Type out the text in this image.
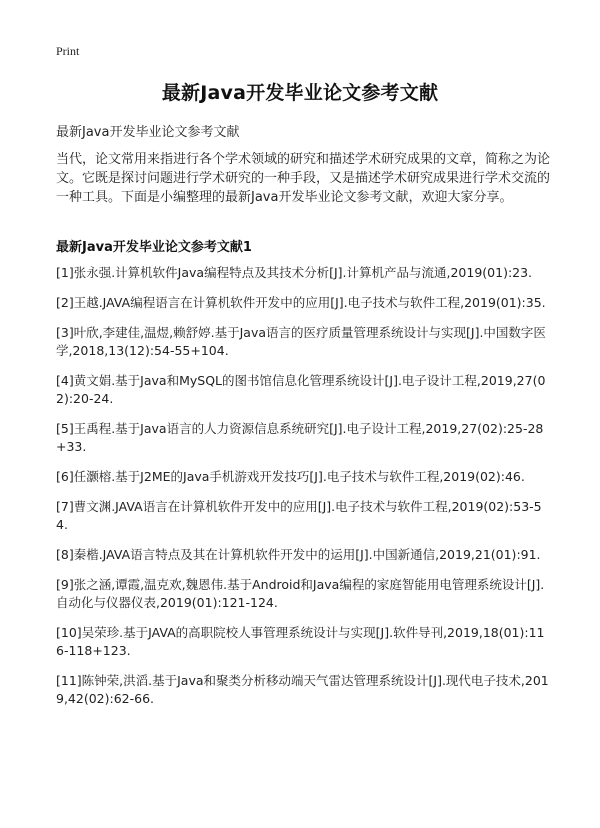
Print
最新Java开发毕业论文参考文献
最新Java开发毕业论文参考文献

当代，论文常用来指进行各个学术领域的研究和描述学术研究成果的文章，简称之为论文。它既是探讨问题进行学术研究的一种手段，又是描述学术研究成果进行学术交流的一种工具。下面是小编整理的最新Java开发毕业论文参考文献，欢迎大家分享。

最新Java开发毕业论文参考文献1
[1]张永强.计算机软件Java编程特点及其技术分析[J].计算机产品与流通,2019(01):23.
[2]王越.JAVA编程语言在计算机软件开发中的应用[J].电子技术与软件工程,2019(01):35.
[3]叶欣,李建佳,温煜,赖舒婷.基于Java语言的医疗质量管理系统设计与实现[J].中国数字医学,2018,13(12):54-55+104.
[4]黄文娟.基于Java和MySQL的图书馆信息化管理系统设计[J].电子设计工程,2019,27(02):20-24.
[5]王禹程.基于Java语言的人力资源信息系统研究[J].电子设计工程,2019,27(02):25-28+33.
[6]任灏榕.基于J2ME的Java手机游戏开发技巧[J].电子技术与软件工程,2019(02):46.
[7]曹文渊.JAVA语言在计算机软件开发中的应用[J].电子技术与软件工程,2019(02):53-54.
[8]秦楷.JAVA语言特点及其在计算机软件开发中的运用[J].中国新通信,2019,21(01):91.
[9]张之涵,谭霞,温克欢,魏恩伟.基于Android和Java编程的家庭智能用电管理系统设计[J].自动化与仪器仪表,2019(01):121-124.
[10]吴荣珍.基于JAVA的高职院校人事管理系统设计与实现[J].软件导刊,2019,18(01):116-118+123.
[11]陈钟荣,洪滔.基于Java和聚类分析移动端天气雷达管理系统设计[J].现代电子技术,2019,42(02):62-66.
